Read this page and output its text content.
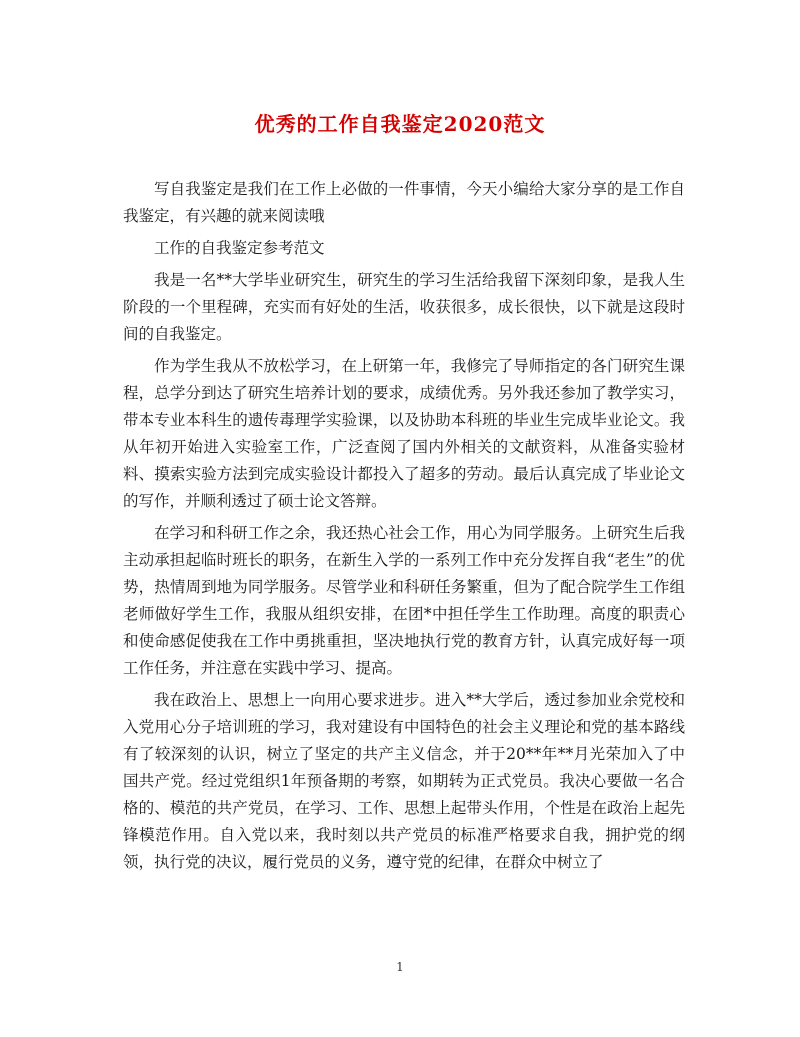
优秀的工作自我鉴定2020范文

写自我鉴定是我们在工作上必做的一件事情，今天小编给大家分享的是工作自我鉴定，有兴趣的就来阅读哦

工作的自我鉴定参考范文

我是一名**大学毕业研究生，研究生的学习生活给我留下深刻印象，是我人生阶段的一个里程碑，充实而有好处的生活，收获很多，成长很快，以下就是这段时间的自我鉴定。

作为学生我从不放松学习，在上研第一年，我修完了导师指定的各门研究生课程，总学分到达了研究生培养计划的要求，成绩优秀。另外我还参加了教学实习，带本专业本科生的遗传毒理学实验课，以及协助本科班的毕业生完成毕业论文。我从年初开始进入实验室工作，广泛查阅了国内外相关的文献资料，从准备实验材料、摸索实验方法到完成实验设计都投入了超多的劳动。最后认真完成了毕业论文的写作，并顺利透过了硕士论文答辩。

在学习和科研工作之余，我还热心社会工作，用心为同学服务。上研究生后我主动承担起临时班长的职务，在新生入学的一系列工作中充分发挥自我“老生”的优势，热情周到地为同学服务。尽管学业和科研任务繁重，但为了配合院学生工作组老师做好学生工作，我服从组织安排，在团*中担任学生工作助理。高度的职责心和使命感促使我在工作中勇挑重担，坚决地执行党的教育方针，认真完成好每一项工作任务，并注意在实践中学习、提高。

我在政治上、思想上一向用心要求进步。进入**大学后，透过参加业余党校和入党用心分子培训班的学习，我对建设有中国特色的社会主义理论和党的基本路线有了较深刻的认识，树立了坚定的共产主义信念，并于20**年**月光荣加入了中国共产党。经过党组织1年预备期的考察，如期转为正式党员。我决心要做一名合格的、模范的共产党员，在学习、工作、思想上起带头作用，个性是在政治上起先锋模范作用。自入党以来，我时刻以共产党员的标准严格要求自我，拥护党的纲领，执行党的决议，履行党员的义务，遵守党的纪律，在群众中树立了

1
